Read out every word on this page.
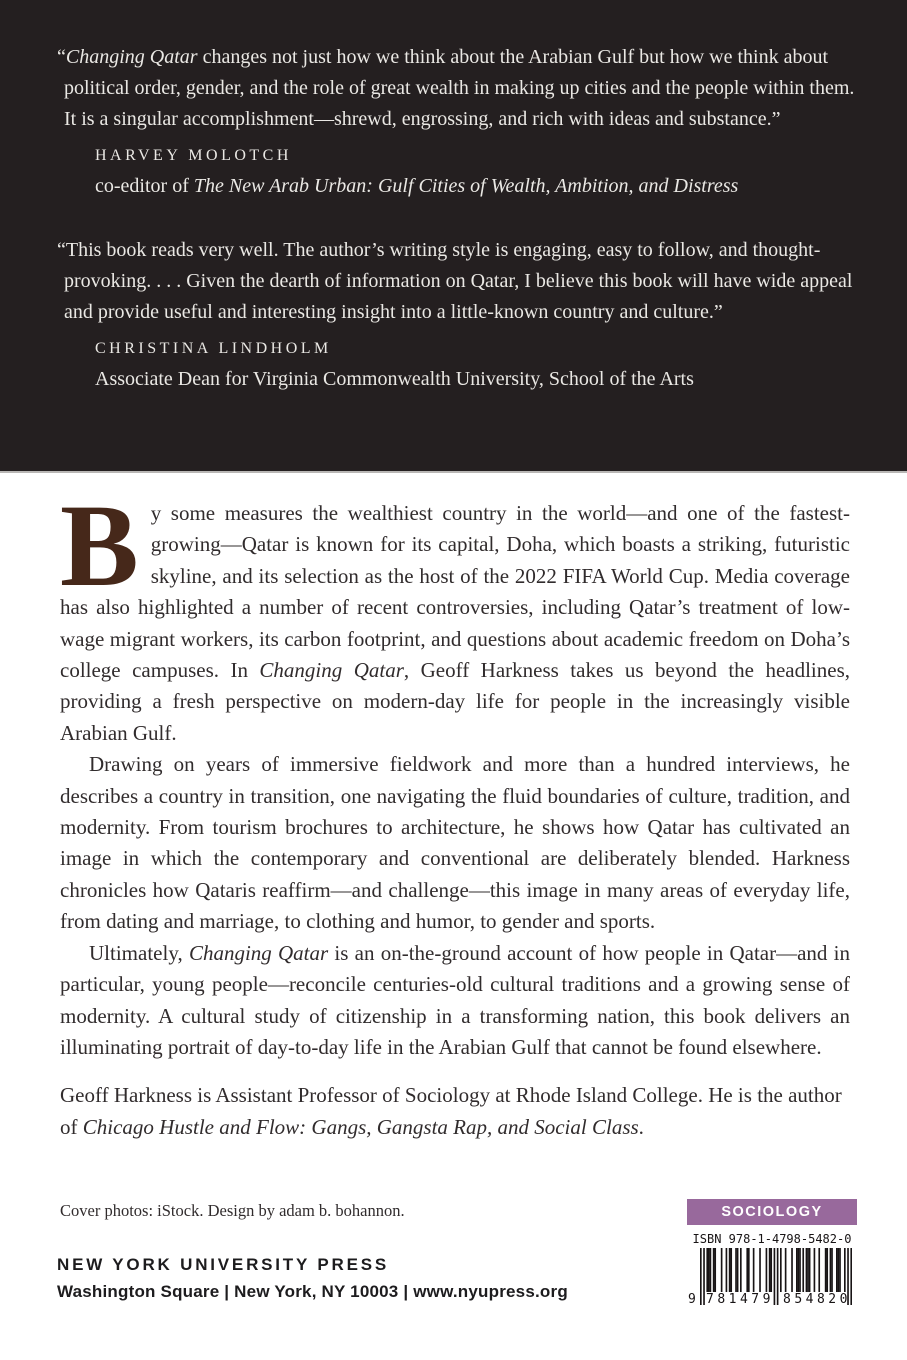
“Changing Qatar changes not just how we think about the Arabian Gulf but how we think about political order, gender, and the role of great wealth in making up cities and the people within them. It is a singular accomplishment—shrewd, engrossing, and rich with ideas and substance.”

HARVEY MOLOTCH
co-editor of The New Arab Urban: Gulf Cities of Wealth, Ambition, and Distress

“This book reads very well. The author’s writing style is engaging, easy to follow, and thought-provoking. . . . Given the dearth of information on Qatar, I believe this book will have wide appeal and provide useful and interesting insight into a little-known country and culture.”

CHRISTINA LINDHOLM
Associate Dean for Virginia Commonwealth University, School of the Arts

By some measures the wealthiest country in the world—and one of the fastest-growing—Qatar is known for its capital, Doha, which boasts a striking, futuristic skyline, and its selection as the host of the 2022 FIFA World Cup. Media coverage has also highlighted a number of recent controversies, including Qatar’s treatment of low-wage migrant workers, its carbon footprint, and questions about academic freedom on Doha’s college campuses. In Changing Qatar, Geoff Harkness takes us beyond the headlines, providing a fresh perspective on modern-day life for people in the increasingly visible Arabian Gulf.

Drawing on years of immersive fieldwork and more than a hundred interviews, he describes a country in transition, one navigating the fluid boundaries of culture, tradition, and modernity. From tourism brochures to architecture, he shows how Qatar has cultivated an image in which the contemporary and conventional are deliberately blended. Harkness chronicles how Qataris reaffirm—and challenge—this image in many areas of everyday life, from dating and marriage, to clothing and humor, to gender and sports.

Ultimately, Changing Qatar is an on-the-ground account of how people in Qatar—and in particular, young people—reconcile centuries-old cultural traditions and a growing sense of modernity. A cultural study of citizenship in a transforming nation, this book delivers an illuminating portrait of day-to-day life in the Arabian Gulf that cannot be found elsewhere.

Geoff Harkness is Assistant Professor of Sociology at Rhode Island College. He is the author of Chicago Hustle and Flow: Gangs, Gangsta Rap, and Social Class.

Cover photos: iStock. Design by adam b. bohannon.
NEW YORK UNIVERSITY PRESS
Washington Square | New York, NY 10003 | www.nyupress.org
SOCIOLOGY
ISBN 978-1-4798-5482-0
9 781479 854820
